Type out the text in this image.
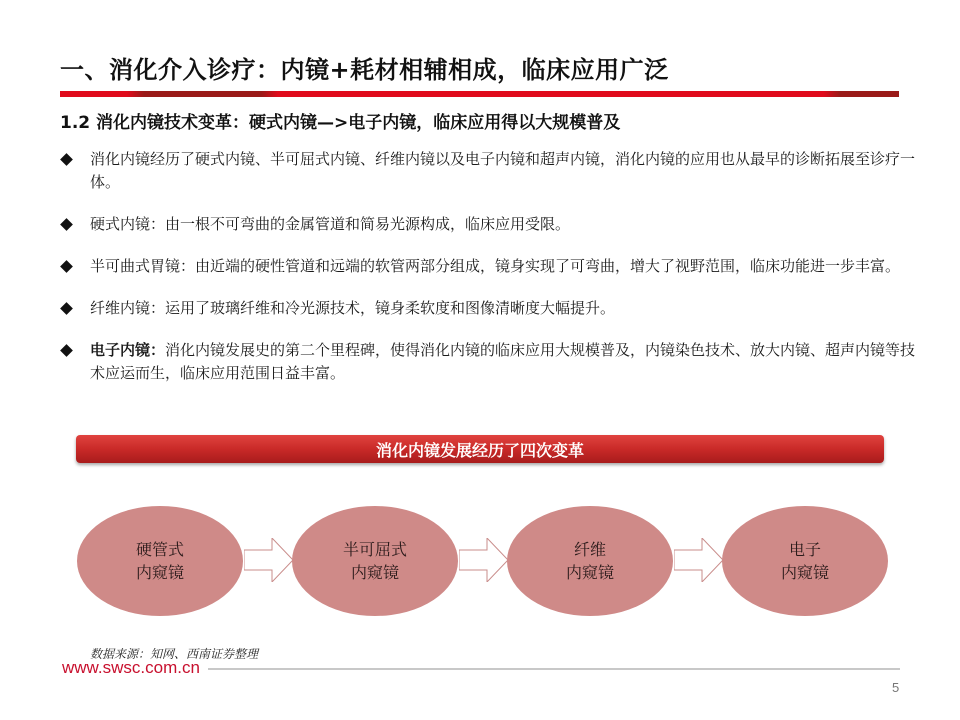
一、消化介入诊疗：内镜+耗材相辅相成，临床应用广泛
1.2 消化内镜技术变革：硬式内镜—>电子内镜，临床应用得以大规模普及
消化内镜经历了硬式内镜、半可屈式内镜、纤维内镜以及电子内镜和超声内镜，消化内镜的应用也从最早的诊断拓展至诊疗一体。
硬式内镜：由一根不可弯曲的金属管道和简易光源构成，临床应用受限。
半可曲式胃镜：由近端的硬性管道和远端的软管两部分组成，镜身实现了可弯曲，增大了视野范围，临床功能进一步丰富。
纤维内镜：运用了玻璃纤维和冷光源技术，镜身柔软度和图像清晰度大幅提升。
电子内镜：消化内镜发展史的第二个里程碑，使得消化内镜的临床应用大规模普及，内镜染色技术、放大内镜、超声内镜等技术应运而生，临床应用范围日益丰富。
消化内镜发展经历了四次变革
硬管式
内窥镜
半可屈式
内窥镜
纤维
内窥镜
电子
内窥镜
数据来源：知网、西南证券整理
www.swsc.com.cn
5
